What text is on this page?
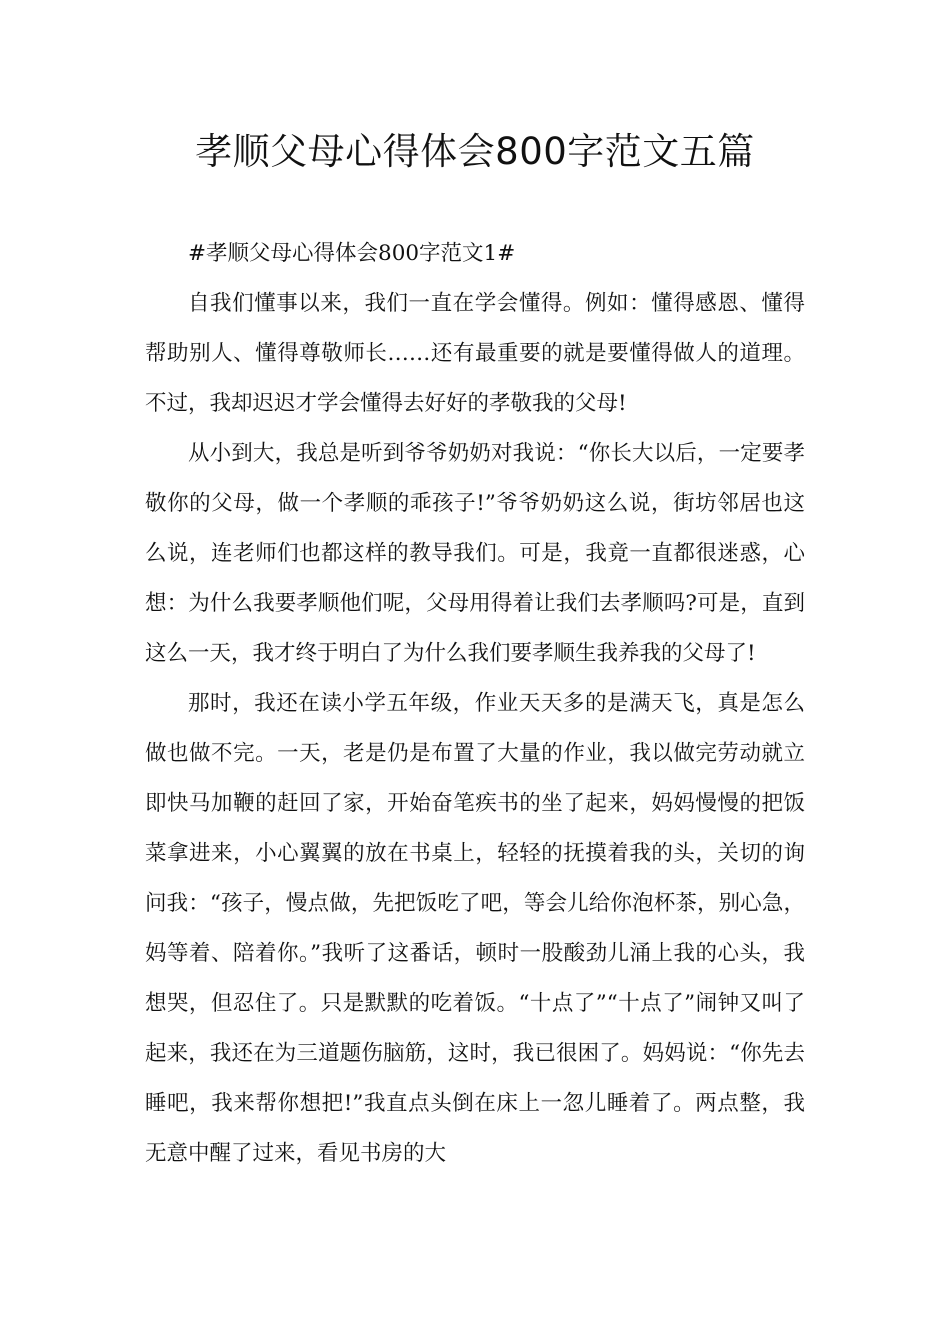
孝顺父母心得体会800字范文五篇

#孝顺父母心得体会800字范文1#

自我们懂事以来，我们一直在学会懂得。例如：懂得感恩、懂得帮助别人、懂得尊敬师长……还有最重要的就是要懂得做人的道理。不过，我却迟迟才学会懂得去好好的孝敬我的父母!

从小到大，我总是听到爷爷奶奶对我说：“你长大以后，一定要孝敬你的父母，做一个孝顺的乖孩子!”爷爷奶奶这么说，街坊邻居也这么说，连老师们也都这样的教导我们。可是，我竟一直都很迷惑，心想：为什么我要孝顺他们呢，父母用得着让我们去孝顺吗?可是，直到这么一天，我才终于明白了为什么我们要孝顺生我养我的父母了!

那时，我还在读小学五年级，作业天天多的是满天飞，真是怎么做也做不完。一天，老是仍是布置了大量的作业，我以做完劳动就立即快马加鞭的赶回了家，开始奋笔疾书的坐了起来，妈妈慢慢的把饭菜拿进来，小心翼翼的放在书桌上，轻轻的抚摸着我的头，关切的询问我：“孩子，慢点做，先把饭吃了吧，等会儿给你泡杯茶，别心急，妈等着、陪着你。”我听了这番话，顿时一股酸劲儿涌上我的心头，我想哭，但忍住了。只是默默的吃着饭。“十点了”“十点了”闹钟又叫了起来，我还在为三道题伤脑筋，这时，我已很困了。妈妈说：“你先去睡吧，我来帮你想把!”我直点头倒在床上一忽儿睡着了。两点整，我无意中醒了过来，看见书房的大
